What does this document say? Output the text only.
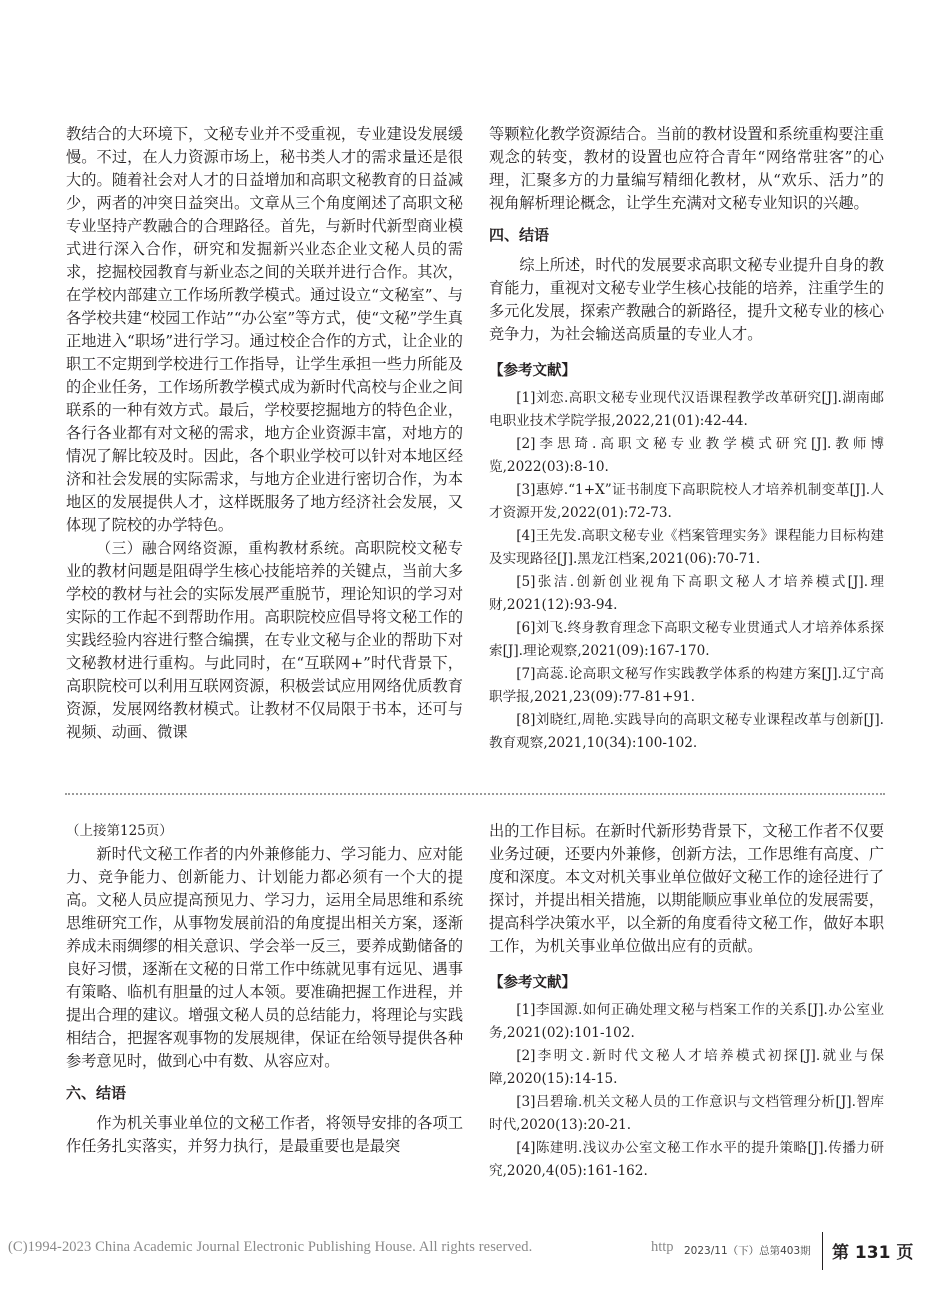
教结合的大环境下，文秘专业并不受重视，专业建设发展缓慢。不过，在人力资源市场上，秘书类人才的需求量还是很大的。随着社会对人才的日益增加和高职文秘教育的日益减少，两者的冲突日益突出。文章从三个角度阐述了高职文秘专业坚持产教融合的合理路径。首先，与新时代新型商业模式进行深入合作，研究和发掘新兴业态企业文秘人员的需求，挖掘校园教育与新业态之间的关联并进行合作。其次，在学校内部建立工作场所教学模式。通过设立“文秘室”、与各学校共建“校园工作站”“办公室”等方式，使“文秘”学生真正地进入“职场”进行学习。通过校企合作的方式，让企业的职工不定期到学校进行工作指导，让学生承担一些力所能及的企业任务，工作场所教学模式成为新时代高校与企业之间联系的一种有效方式。最后，学校要挖掘地方的特色企业，各行各业都有对文秘的需求，地方企业资源丰富，对地方的情况了解比较及时。因此，各个职业学校可以针对本地区经济和社会发展的实际需求，与地方企业进行密切合作，为本地区的发展提供人才，这样既服务了地方经济社会发展，又体现了院校的办学特色。

（三）融合网络资源，重构教材系统。高职院校文秘专业的教材问题是阻碍学生核心技能培养的关键点，当前大多学校的教材与社会的实际发展严重脱节，理论知识的学习对实际的工作起不到帮助作用。高职院校应倡导将文秘工作的实践经验内容进行整合编撰，在专业文秘与企业的帮助下对文秘教材进行重构。与此同时，在“互联网+”时代背景下，高职院校可以利用互联网资源，积极尝试应用网络优质教育资源，发展网络教材模式。让教材不仅局限于书本，还可与视频、动画、微课

等颗粒化教学资源结合。当前的教材设置和系统重构要注重观念的转变，教材的设置也应符合青年“网络常驻客”的心理，汇聚多方的力量编写精细化教材，从“欢乐、活力”的视角解析理论概念，让学生充满对文秘专业知识的兴趣。

四、结语

综上所述，时代的发展要求高职文秘专业提升自身的教育能力，重视对文秘专业学生核心技能的培养，注重学生的多元化发展，探索产教融合的新路径，提升文秘专业的核心竞争力，为社会输送高质量的专业人才。

【参考文献】

[1]刘恋.高职文秘专业现代汉语课程教学改革研究[J].湖南邮电职业技术学院学报,2022,21(01):42-44.

[2]李思琦.高职文秘专业教学模式研究[J].教师博览,2022(03):8-10.

[3]惠婷.“1+X”证书制度下高职院校人才培养机制变革[J].人才资源开发,2022(01):72-73.

[4]王先发.高职文秘专业《档案管理实务》课程能力目标构建及实现路径[J].黑龙江档案,2021(06):70-71.

[5]张洁.创新创业视角下高职文秘人才培养模式[J].理财,2021(12):93-94.

[6]刘飞.终身教育理念下高职文秘专业贯通式人才培养体系探索[J].理论观察,2021(09):167-170.

[7]高蕊.论高职文秘写作实践教学体系的构建方案[J].辽宁高职学报,2021,23(09):77-81+91.

[8]刘晓红,周艳.实践导向的高职文秘专业课程改革与创新[J].教育观察,2021,10(34):100-102.

（上接第125页）

新时代文秘工作者的内外兼修能力、学习能力、应对能力、竞争能力、创新能力、计划能力都必须有一个大的提高。文秘人员应提高预见力、学习力，运用全局思维和系统思维研究工作，从事物发展前沿的角度提出相关方案，逐渐养成未雨绸缪的相关意识、学会举一反三，要养成勤储备的良好习惯，逐渐在文秘的日常工作中练就见事有远见、遇事有策略、临机有胆量的过人本领。要准确把握工作进程，并提出合理的建议。增强文秘人员的总结能力，将理论与实践相结合，把握客观事物的发展规律，保证在给领导提供各种参考意见时，做到心中有数、从容应对。

六、结语

作为机关事业单位的文秘工作者，将领导安排的各项工作任务扎实落实，并努力执行，是最重要也是最突

出的工作目标。在新时代新形势背景下，文秘工作者不仅要业务过硬，还要内外兼修，创新方法，工作思维有高度、广度和深度。本文对机关事业单位做好文秘工作的途径进行了探讨，并提出相关措施，以期能顺应事业单位的发展需要，提高科学决策水平，以全新的角度看待文秘工作，做好本职工作，为机关事业单位做出应有的贡献。

【参考文献】

[1]李国源.如何正确处理文秘与档案工作的关系[J].办公室业务,2021(02):101-102.

[2]李明文.新时代文秘人才培养模式初探[J].就业与保障,2020(15):14-15.

[3]吕碧瑜.机关文秘人员的工作意识与文档管理分析[J].智库时代,2020(13):20-21.

[4]陈建明.浅议办公室文秘工作水平的提升策略[J].传播力研究,2020,4(05):161-162.

(C)1994-2023 China Academic Journal Electronic Publishing House. All rights reserved.	http 2023/11（下）总第403期 第 131 页
